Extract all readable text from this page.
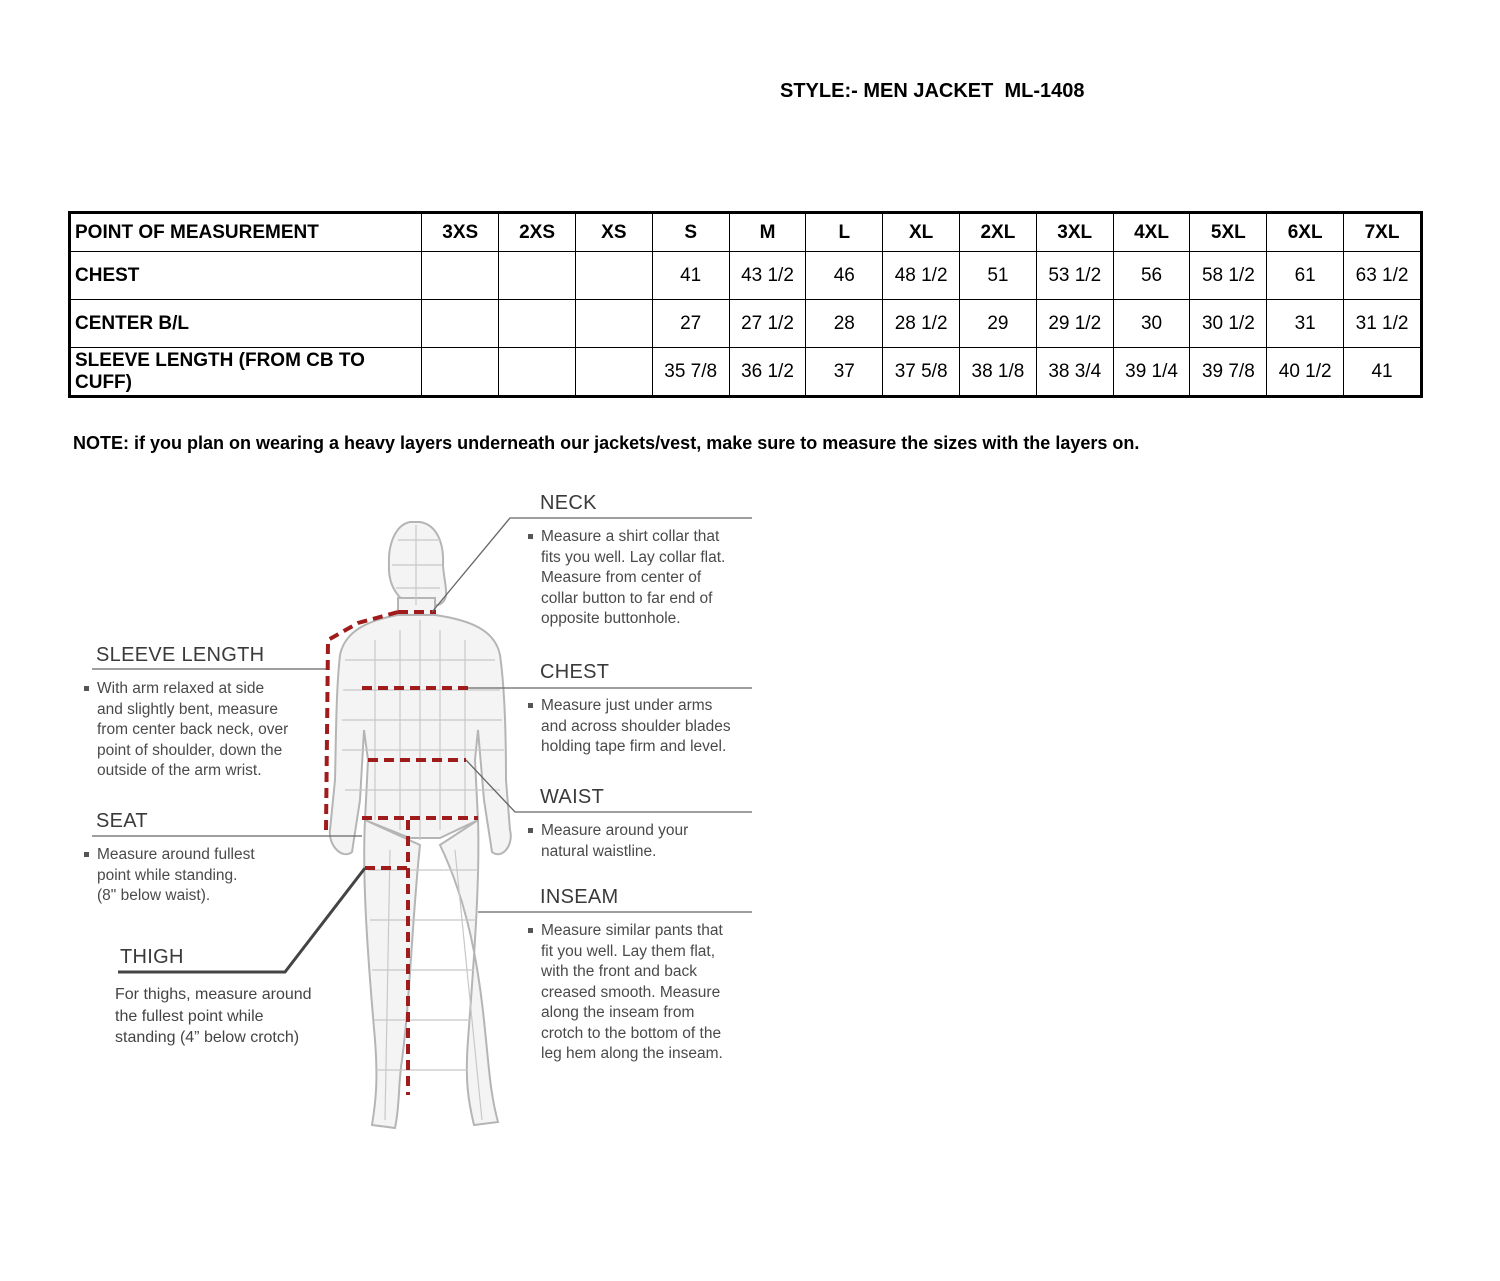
STYLE:- MEN JACKET  ML-1408
POINT OF MEASUREMENT	3XS	2XS	XS	S	M	L	XL	2XL	3XL	4XL	5XL	6XL	7XL
CHEST				41	43 1/2	46	48 1/2	51	53 1/2	56	58 1/2	61	63 1/2
CENTER B/L				27	27 1/2	28	28 1/2	29	29 1/2	30	30 1/2	31	31 1/2
SLEEVE LENGTH (FROM CB TO CUFF)				35 7/8	36 1/2	37	37 5/8	38 1/8	38 3/4	39 1/4	39 7/8	40 1/2	41
NOTE: if you plan on wearing a heavy layers underneath our jackets/vest, make sure to measure the sizes with the layers on.
NECK

Measure a shirt collar that

fits you well. Lay collar flat.

Measure from center of

collar button to far end of

opposite buttonhole.

CHEST

Measure just under arms

and across shoulder blades

holding tape firm and level.

WAIST

Measure around your

natural waistline.

INSEAM

Measure similar pants that

fit you well. Lay them flat,

with the front and back

creased smooth. Measure

along the inseam from

crotch to the bottom of the

leg hem along the inseam.

SLEEVE LENGTH

With arm relaxed at side

and slightly bent, measure

from center back neck, over

point of shoulder, down the

outside of the arm wrist.

SEAT

Measure around fullest

point while standing.

(8" below waist).

THIGH

For thighs, measure around

the fullest point while

standing (4” below crotch)
